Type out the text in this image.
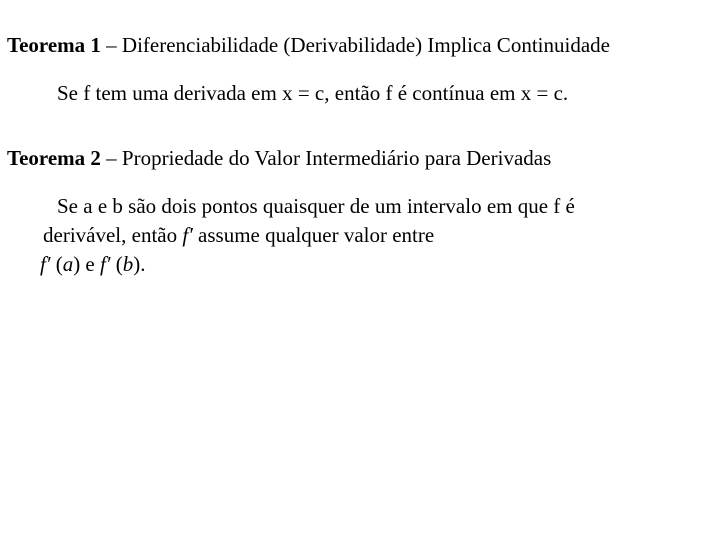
Teorema 1 – Diferenciabilidade (Derivabilidade) Implica Continuidade
Se f tem uma derivada em x = c, então f é contínua em x = c.
Teorema 2 – Propriedade do Valor Intermediário para Derivadas
Se a e b são dois pontos quaisquer de um intervalo em que f é
derivável, então f′ assume qualquer valor entre
f′ (a) e f′ (b).
